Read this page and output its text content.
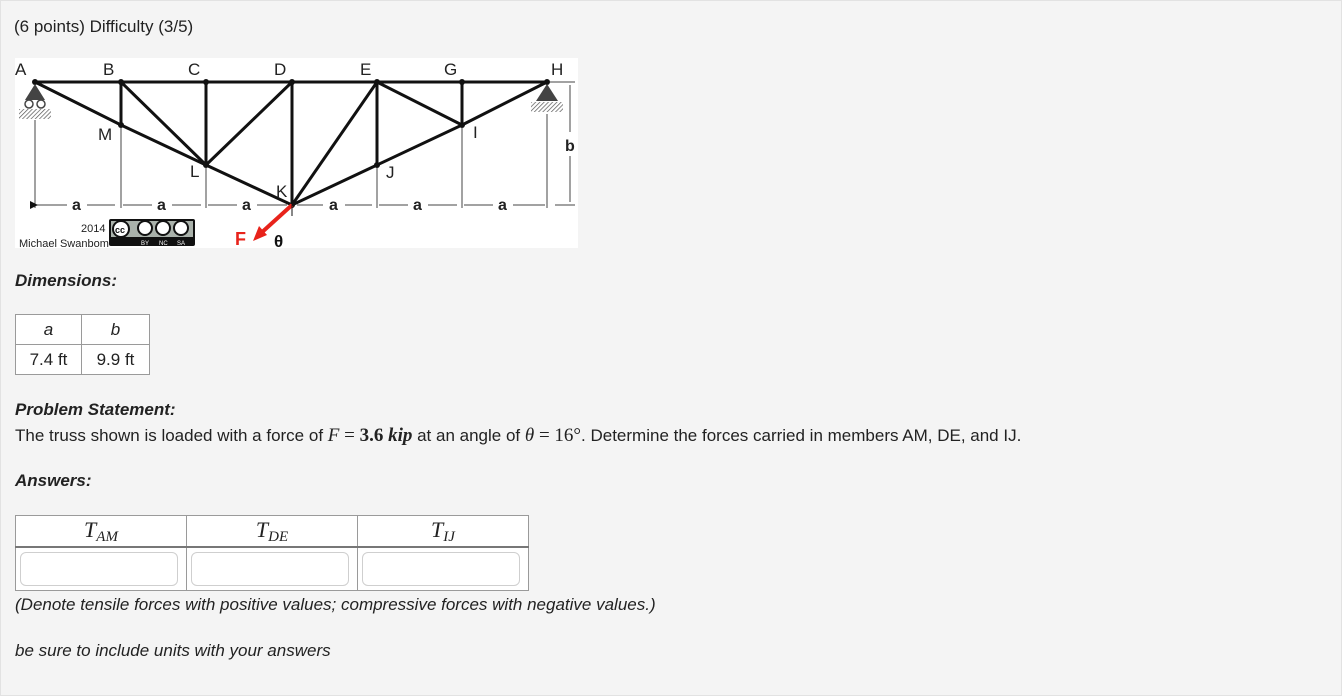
(6 points) Difficulty (3/5)
A	B	C	D	E	G	H
M
L
K
J
I
a	a	a	a	a	a
b
F θ
2014
Michael Swanbom
cc
BY NC SA
Dimensions:
a	b
7.4 ft	9.9 ft
Problem Statement:
The truss shown is loaded with a force of F = 3.6 kip at an angle of θ = 16°. Determine the forces carried in members AM, DE, and IJ.
Answers:
$T_{AM}$	$T_{DE}$	$T_{IJ}$

(Denote tensile forces with positive values; compressive forces with negative values.)
be sure to include units with your answers
